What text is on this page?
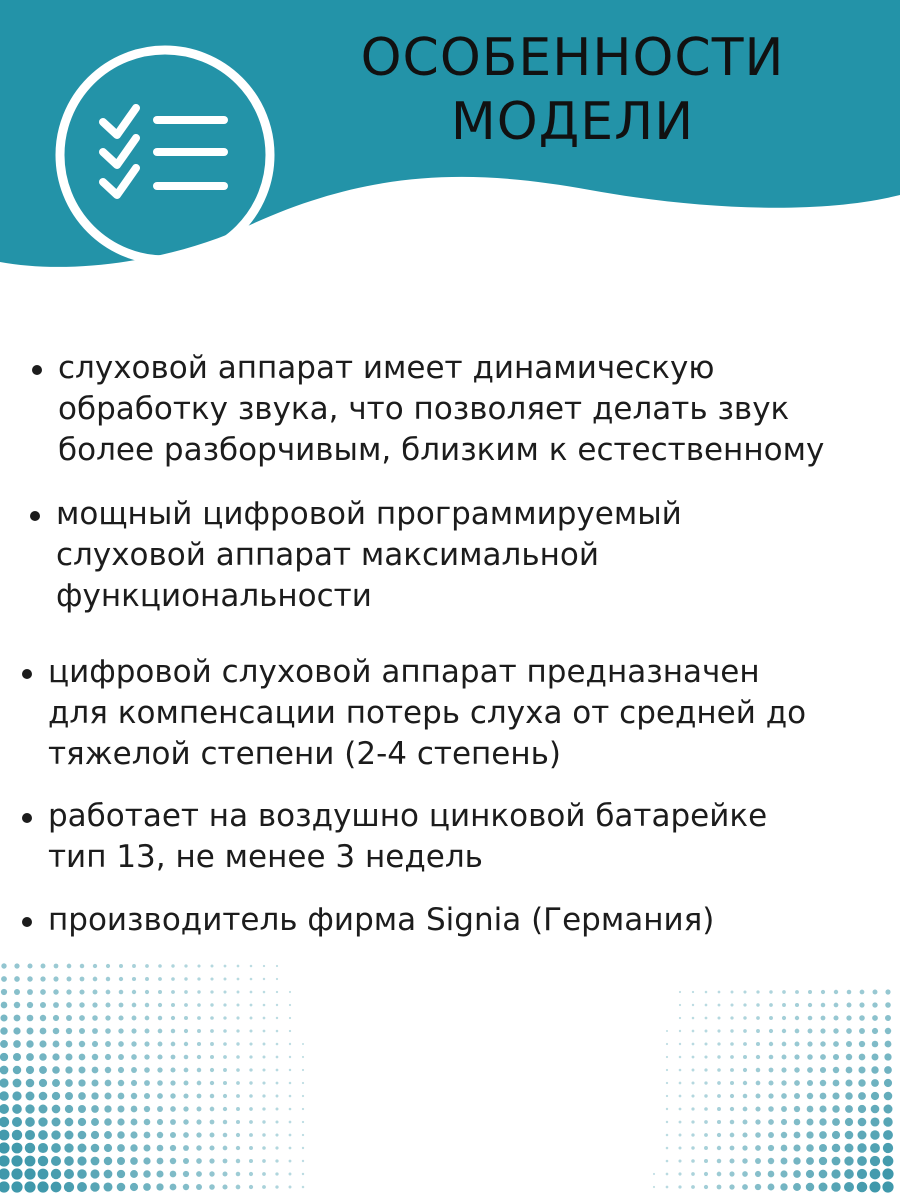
ОСОБЕННОСТИ
МОДЕЛИ
слуховой аппарат имеет динамическую
обработку звука, что позволяет делать звук
более разборчивым, близким к естественному
мощный цифровой программируемый
слуховой аппарат максимальной
функциональности
цифровой слуховой аппарат предназначен
для компенсации потерь слуха от средней до
тяжелой степени (2-4 степень)
работает на воздушно цинковой батарейке
тип 13, не менее 3 недель
производитель фирма Signia (Германия)
